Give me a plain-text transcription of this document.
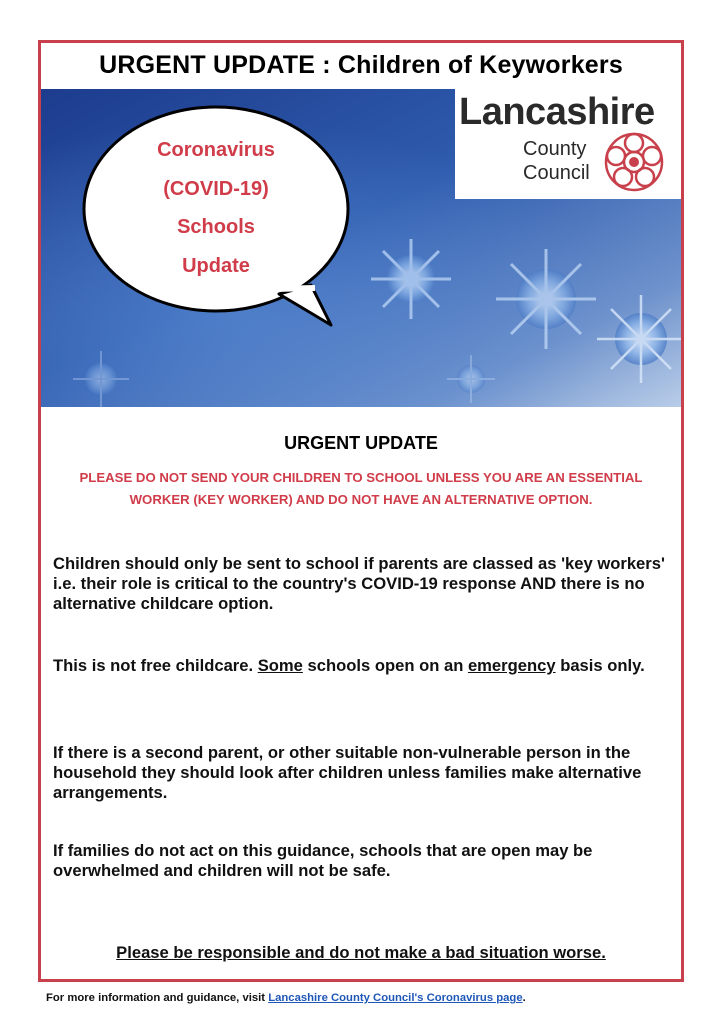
URGENT UPDATE : Children of Keyworkers
Coronavirus
(COVID-19)
Schools
Update
Lancashire
County
Council
URGENT UPDATE
PLEASE DO NOT SEND YOUR CHILDREN TO SCHOOL UNLESS YOU ARE AN ESSENTIAL WORKER (KEY WORKER) AND DO NOT HAVE AN ALTERNATIVE OPTION.
Children should only be sent to school if parents are classed as 'key workers' i.e. their role is critical to the country's COVID-19 response AND there is no alternative childcare option.
This is not free childcare. Some schools open on an emergency basis only.
If there is a second parent, or other suitable non-vulnerable person in the household they should look after children unless families make alternative arrangements.
If families do not act on this guidance, schools that are open may be overwhelmed and children will not be safe.
Please be responsible and do not make a bad situation worse.
For more information and guidance, visit Lancashire County Council's Coronavirus page.
